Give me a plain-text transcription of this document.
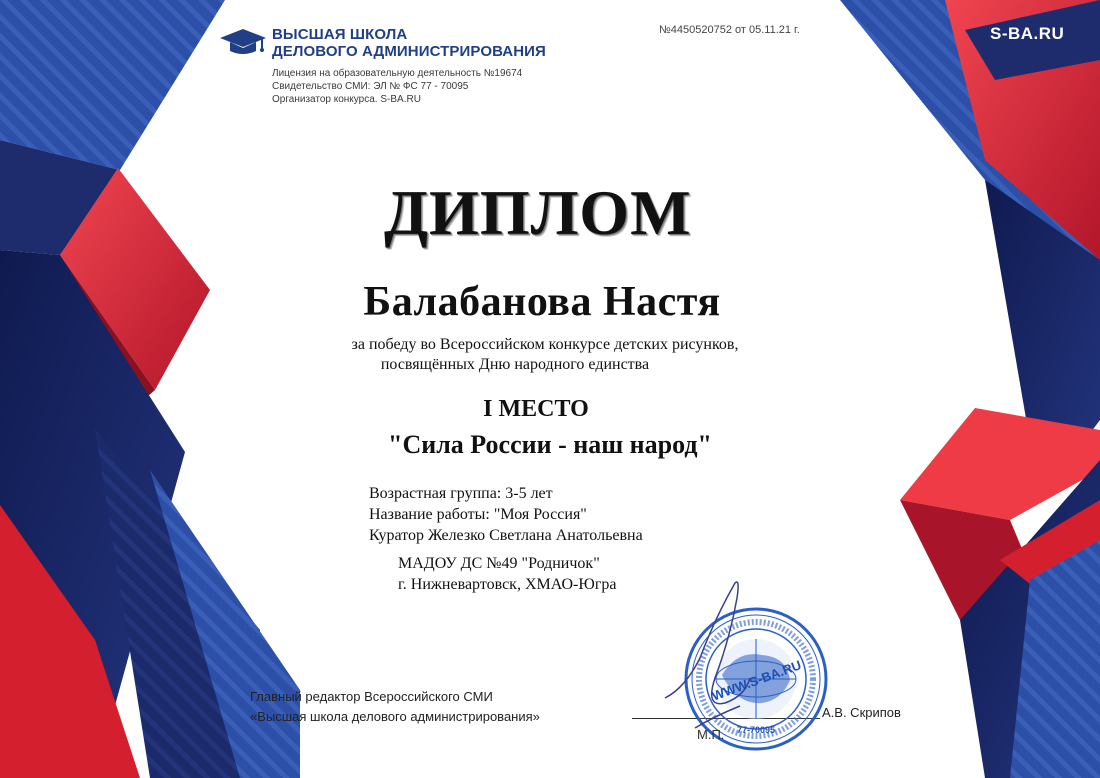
ВЫСШАЯ ШКОЛА
ДЕЛОВОГО АДМИНИСТРИРОВАНИЯ
Лицензия на образовательную деятельность №19674
Свидетельство СМИ: ЭЛ № ФС 77 - 70095
Организатор конкурса. S-BA.RU
№4450520752 от 05.11.21 г.	S-BA.RU
ДИПЛОМ
Балабанова Настя
за победу во Всероссийском конкурсе детских рисунков,
посвящённых Дню народного единства
I МЕСТО
"Сила России - наш народ"
Возрастная группа: 3-5 лет
Название работы: "Моя Россия"
Куратор Железко Светлана Анатольевна
МАДОУ ДС №49 "Родничок"
г. Нижневартовск, ХМАО-Югра
Главный редактор Всероссийского СМИ
«Высшая школа делового администрирования»
WWW.S-BA.RU
77-70095
М.П.
А.В. Скрипов
